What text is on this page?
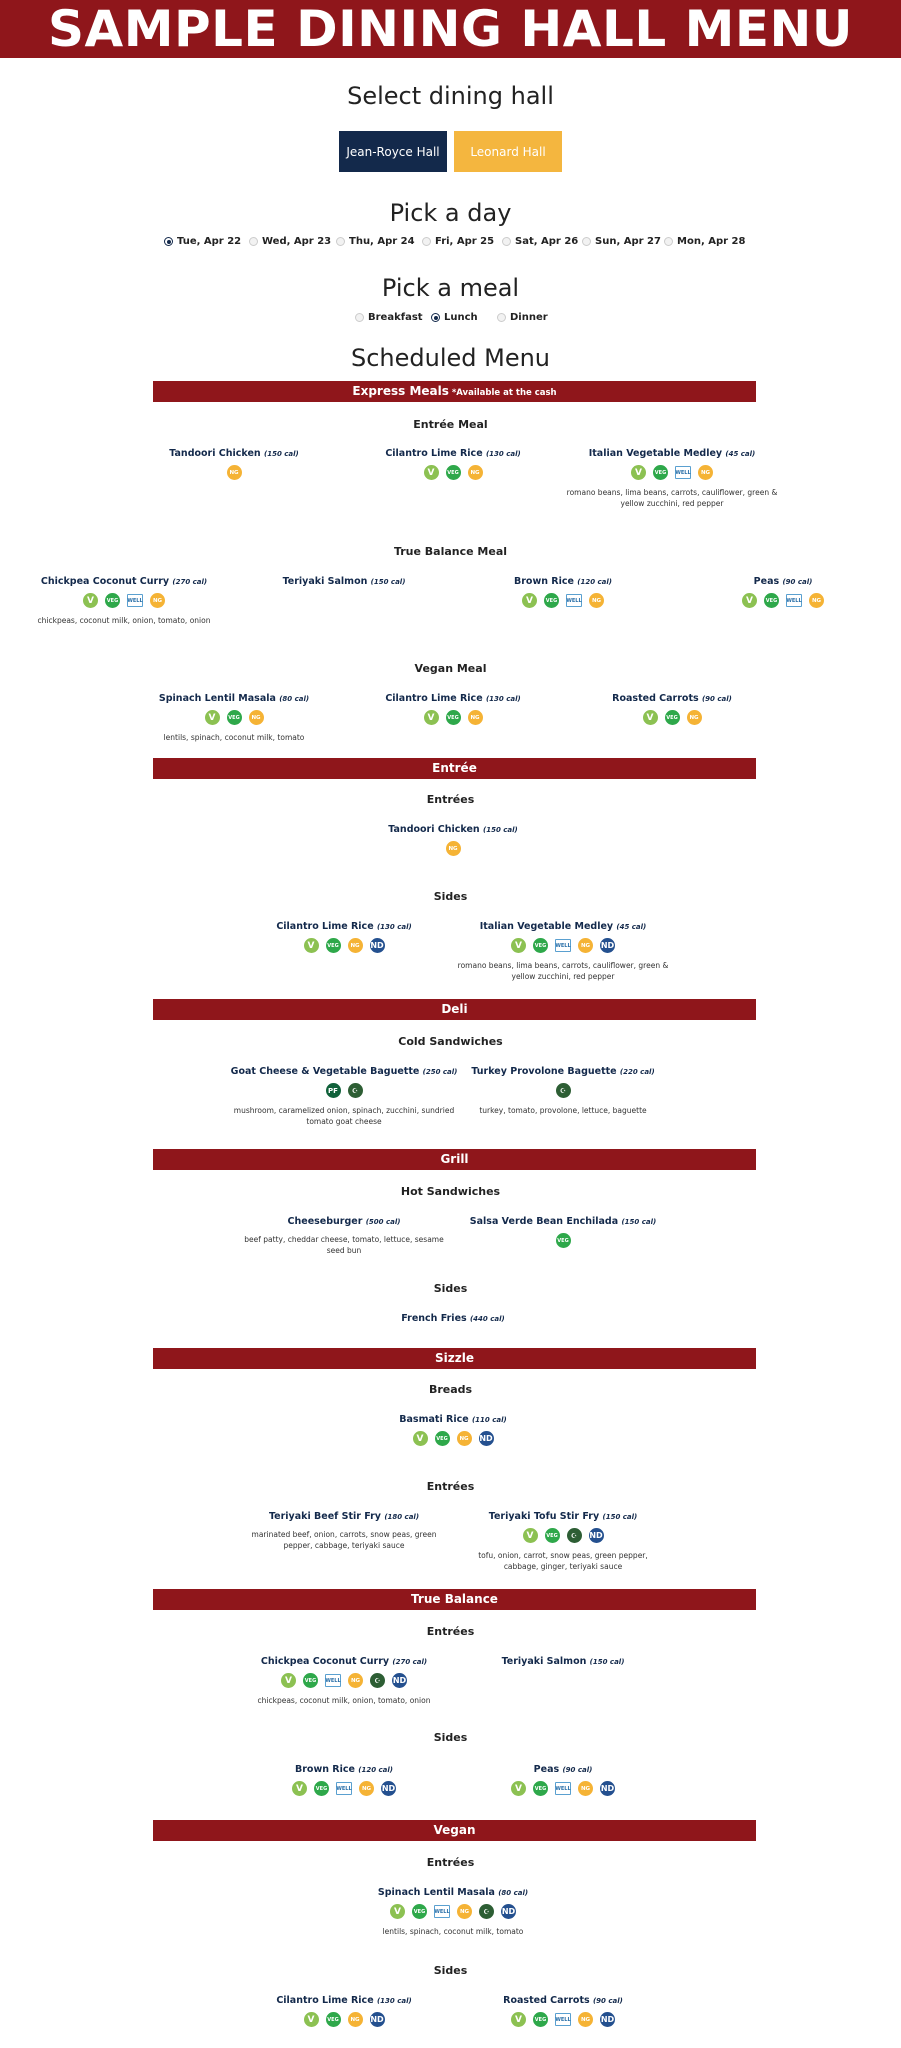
SAMPLE DINING HALL MENU
Select dining hall
Jean-Royce Hall	Leonard Hall
Pick a day
Pick a meal
Scheduled Menu
Express Meals *Available at the cash
Entrée Meal
Tandoori Chicken (150 cal)
NG
Cilantro Lime Rice (130 cal)
V	VEG	NG
Italian Vegetable Medley (45 cal)
V	VEG	WELL	NG
romano beans, lima beans, carrots, cauliflower, green & yellow zucchini, red pepper
True Balance Meal
Chickpea Coconut Curry (270 cal)
V	VEG	WELL	NG
chickpeas, coconut milk, onion, tomato, onion
Teriyaki Salmon (150 cal)	Brown Rice (120 cal)
V	VEG	WELL	NG
Peas (90 cal)
V	VEG	WELL	NG
Vegan Meal
Spinach Lentil Masala (80 cal)
V	VEG	NG
lentils, spinach, coconut milk, tomato
Cilantro Lime Rice (130 cal)
V	VEG	NG
Roasted Carrots (90 cal)
V	VEG	NG
Entrée
Entrées
Tandoori Chicken (150 cal)
NG
Sides
Cilantro Lime Rice (130 cal)
V	VEG	NG	ND
Italian Vegetable Medley (45 cal)
V	VEG	WELL	NG	ND
romano beans, lima beans, carrots, cauliflower, green & yellow zucchini, red pepper
Deli
Cold Sandwiches
Goat Cheese & Vegetable Baguette (250 cal)
PF	☪
mushroom, caramelized onion, spinach, zucchini, sundried tomato goat cheese
Turkey Provolone Baguette (220 cal)
☪
turkey, tomato, provolone, lettuce, baguette
Grill
Hot Sandwiches
Cheeseburger (500 cal)
beef patty, cheddar cheese, tomato, lettuce, sesame seed bun
Salsa Verde Bean Enchilada (150 cal)
VEG
Sides
French Fries (440 cal)
Sizzle
Breads
Basmati Rice (110 cal)
V	VEG	NG	ND
Entrées
Teriyaki Beef Stir Fry (180 cal)
marinated beef, onion, carrots, snow peas, green pepper, cabbage, teriyaki sauce
Teriyaki Tofu Stir Fry (150 cal)
V	VEG	☪	ND
tofu, onion, carrot, snow peas, green pepper, cabbage, ginger, teriyaki sauce
True Balance
Entrées
Chickpea Coconut Curry (270 cal)
V	VEG	WELL	NG	☪	ND
chickpeas, coconut milk, onion, tomato, onion
Teriyaki Salmon (150 cal)
Sides
Brown Rice (120 cal)
V	VEG	WELL	NG	ND
Peas (90 cal)
V	VEG	WELL	NG	ND
Vegan
Entrées
Spinach Lentil Masala (80 cal)
V	VEG	WELL	NG	☪	ND
lentils, spinach, coconut milk, tomato
Sides
Cilantro Lime Rice (130 cal)
V	VEG	NG	ND
Roasted Carrots (90 cal)
V	VEG	WELL	NG	ND
Tue, Apr 22 Wed, Apr 23 Thu, Apr 24 Fri, Apr 25 Sat, Apr 26 Sun, Apr 27 Mon, Apr 28
Breakfast Lunch	Dinner
